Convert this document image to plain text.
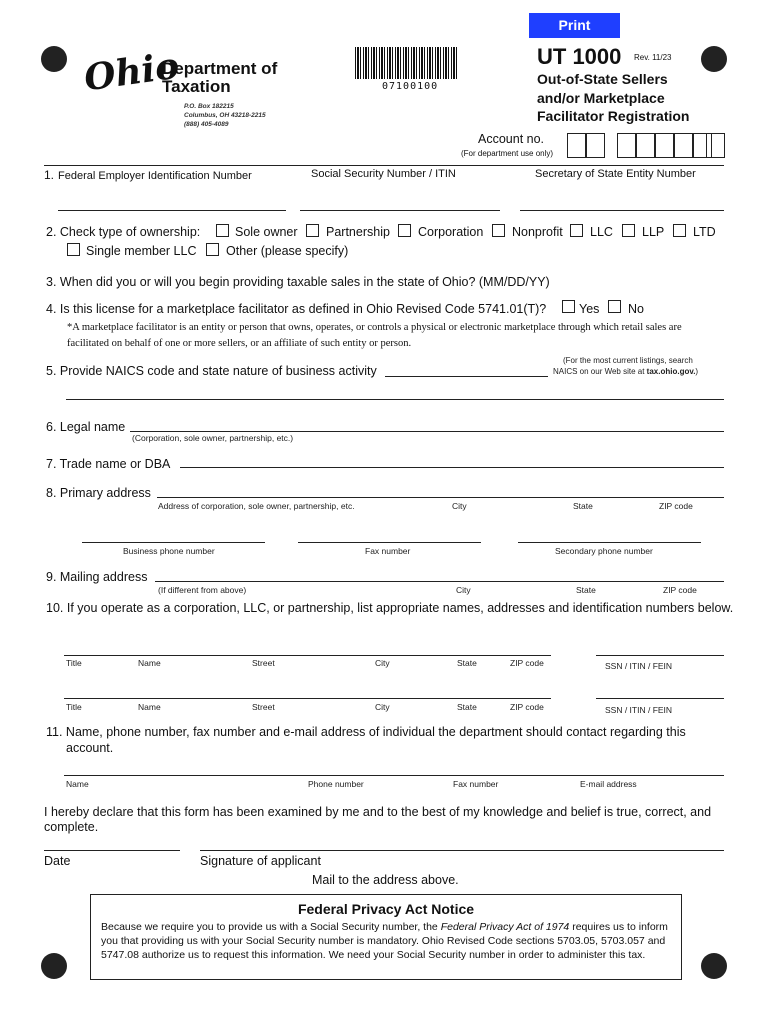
Print
Ohio
Department of
Taxation
P.O. Box 182215
Columbus, OH 43218-2215
(888) 405-4089
07100100
UT 1000 Rev. 11/23
Out-of-State Sellers
and/or Marketplace
Facilitator Registration
Account no.
(For department use only)
1. Federal Employer Identification Number	Social Security Number / ITIN	Secretary of State Entity Number
2. Check type of ownership:	Sole owner Partnership Corporation Nonprofit LLC LLP LTD
Single member LLC Other (please specify)
3. When did you or will you begin providing taxable sales in the state of Ohio? (MM/DD/YY)
4. Is this license for a marketplace facilitator as defined in Ohio Revised Code 5741.01(T)?	Yes No
*A marketplace facilitator is an entity or person that owns, operates, or controls a physical or electronic marketplace through which retail sales are facilitated on behalf of one or more sellers, or an affiliate of such entity or person.
5. Provide NAICS code and state nature of business activity
(For the most current listings, search
NAICS on our Web site at tax.ohio.gov.)
6. Legal name
(Corporation, sole owner, partnership, etc.)
7. Trade name or DBA
8. Primary address
Address of corporation, sole owner, partnership, etc.	City	State	ZIP code
Business phone number	Fax number	Secondary phone number
9. Mailing address
(If different from above)	City	State	ZIP code
10. If you operate as a corporation, LLC, or partnership, list appropriate names, addresses and identification numbers below.
Title	Name	Street	City	State	ZIP code	SSN / ITIN / FEIN
Title	Name	Street	City	State	ZIP code	SSN / ITIN / FEIN
11. Name, phone number, fax number and e-mail address of individual the department should contact regarding this
account.
Name	Phone number	Fax number	E-mail address
I hereby declare that this form has been examined by me and to the best of my knowledge and belief is true, correct, and
complete.
Date	Signature of applicant
Mail to the address above.
Federal Privacy Act Notice
Because we require you to provide us with a Social Security number, the Federal Privacy Act of 1974 requires us to inform you that providing us with your Social Security number is mandatory. Ohio Revised Code sections 5703.05, 5703.057 and 5747.08 authorize us to request this information. We need your Social Security number in order to administer this tax.
